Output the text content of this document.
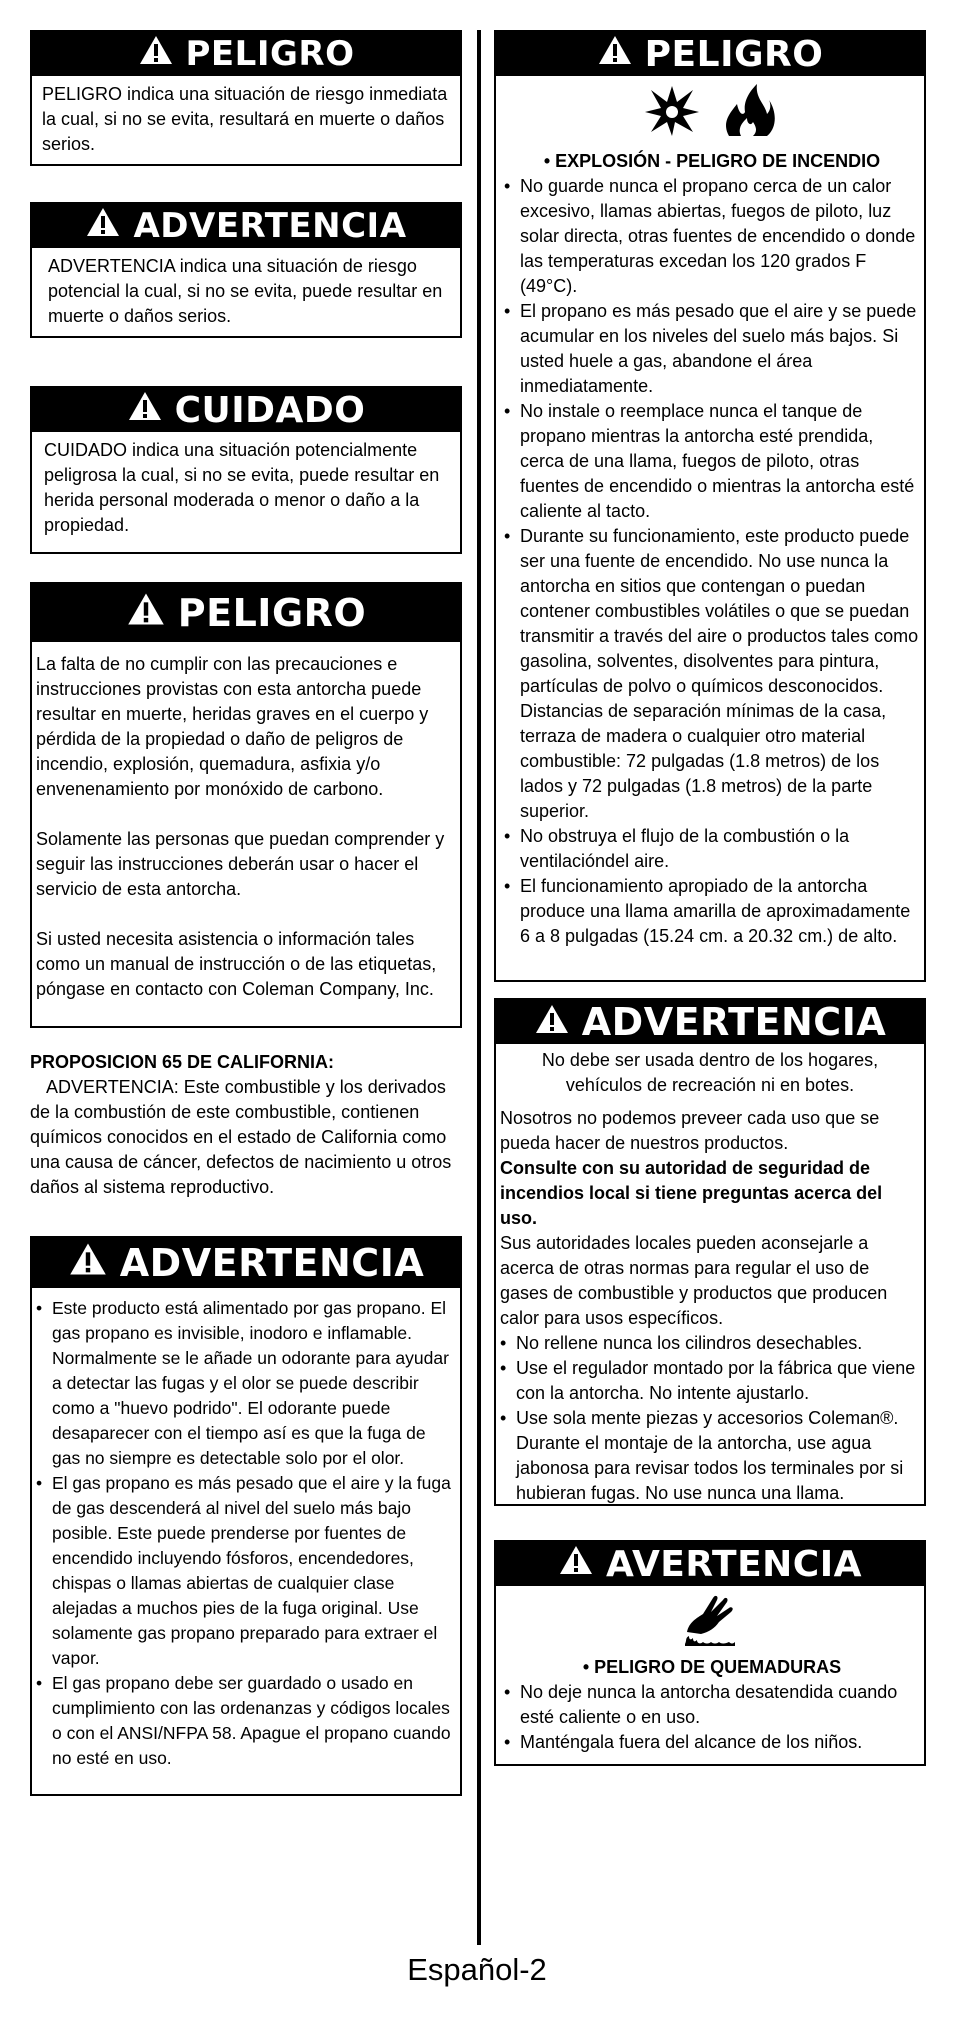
PELIGRO
PELIGRO indica una situación de riesgo inmediata la cual, si no se evita, resultará en muerte o daños serios.
ADVERTENCIA
ADVERTENCIA indica una situación de riesgo potencial la cual, si no se evita, puede resultar en muerte o daños serios.
CUIDADO
CUIDADO indica una situación potencialmente peligrosa la cual, si no se evita, puede resultar en herida personal moderada o menor o daño a la propiedad.
PELIGRO

La falta de no cumplir con las precauciones e instrucciones provistas con esta antorcha puede resultar en muerte, heridas graves en el cuerpo y pérdida de la propiedad o daño de peligros de incendio, explosión, quemadura, asfixia y/o envenenamiento por monóxido de carbono.

Solamente las personas que puedan comprender y seguir las instrucciones deberán usar o hacer el servicio de esta antorcha.

Si usted necesita asistencia o información tales como un manual de instrucción o de las etiquetas, póngase en contacto con Coleman Company, Inc.

PROPOSICION 65 DE CALIFORNIA:

ADVERTENCIA: Este combustible y los derivados de la combustión de este combustible, contienen químicos conocidos en el estado de California como una causa de cáncer, defectos de nacimiento u otros daños al sistema reproductivo.

ADVERTENCIA
• Este producto está alimentado por gas propano. El gas propano es invisible, inodoro e inflamable. Normalmente se le añade un odorante para ayudar a detectar las fugas y el olor se puede describir como a "huevo podrido". El odorante puede desaparecer con el tiempo así es que la fuga de gas no siempre es detectable solo por el olor.
• El gas propano es más pesado que el aire y la fuga de gas descenderá al nivel del suelo más bajo posible. Este puede prenderse por fuentes de encendido incluyendo fósforos, encendedores, chispas o llamas abiertas de cualquier clase alejadas a muchos pies de la fuga original. Use solamente gas propano preparado para extraer el vapor.
• El gas propano debe ser guardado o usado en cumplimiento con las ordenanzas y códigos locales o con el ANSI/NFPA 58. Apague el propano cuando no esté en uso.
PELIGRO

• EXPLOSIÓN - PELIGRO DE INCENDIO

• No guarde nunca el propano cerca de un calor excesivo, llamas abiertas, fuegos de piloto, luz solar directa, otras fuentes de encendido o donde las temperaturas excedan los 120 grados F (49°C).
• El propano es más pesado que el aire y se puede acumular en los niveles del suelo más bajos. Si usted huele a gas, abandone el área inmediatamente.
• No instale o reemplace nunca el tanque de propano mientras la antorcha esté prendida, cerca de una llama, fuegos de piloto, otras fuentes de encendido o mientras la antorcha esté caliente al tacto.
• Durante su funcionamiento, este producto puede ser una fuente de encendido. No use nunca la antorcha en sitios que contengan o puedan contener combustibles volátiles o que se puedan transmitir a través del aire o productos tales como gasolina, solventes, disolventes para pintura, partículas de polvo o químicos desconocidos. Distancias de separación mínimas de la casa, terraza de madera o cualquier otro material combustible: 72 pulgadas (1.8 metros) de los lados y 72 pulgadas (1.8 metros) de la parte superior.
• No obstruya el flujo de la combustión o la ventilacióndel aire.
• El funcionamiento apropiado de la antorcha produce una llama amarilla de aproximadamente 6 a 8 pulgadas (15.24 cm. a 20.32 cm.) de alto.
ADVERTENCIA

No debe ser usada dentro de los hogares, vehículos de recreación ni en botes.

Nosotros no podemos preveer cada uso que se pueda hacer de nuestros productos.

Consulte con su autoridad de seguridad de incendios local si tiene preguntas acerca del uso.

Sus autoridades locales pueden aconsejarle a acerca de otras normas para regular el uso de gases de combustible y productos que producen calor para usos específicos.

• No rellene nunca los cilindros desechables.
• Use el regulador montado por la fábrica que viene con la antorcha. No intente ajustarlo.
• Use sola mente piezas y accesorios Coleman®. Durante el montaje de la antorcha, use agua jabonosa para revisar todos los terminales por si hubieran fugas. No use nunca una llama.
AVERTENCIA

• PELIGRO DE QUEMADURAS

• No deje nunca la antorcha desatendida cuando esté caliente o en uso.
• Manténgala fuera del alcance de los niños.
Español-2
